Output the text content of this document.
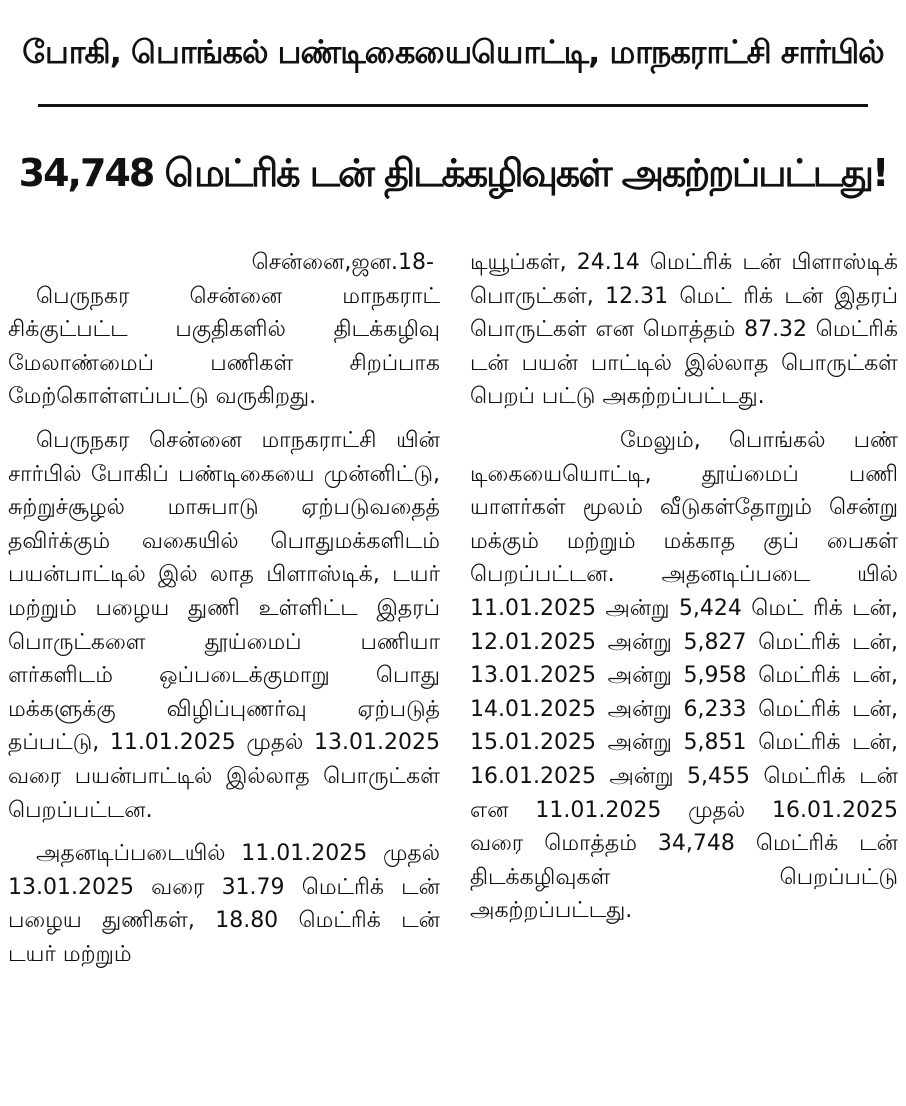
போகி, பொங்கல் பண்டிகையையொட்டி, மாநகராட்சி சார்பில்
34,748 மெட்ரிக் டன் திடக்கழிவுகள் அகற்றப்பட்டது!

சென்னை,ஜன.18-

பெருநகர சென்னை மாநகராட் சிக்குட்பட்ட பகுதிகளில் திடக்கழிவு மேலாண்மைப் பணிகள் சிறப்பாக மேற்கொள்ளப்பட்டு வருகிறது.

பெருநகர சென்னை மாநகராட்சி யின் சார்பில் போகிப் பண்டிகையை முன்னிட்டு, சுற்றுச்சூழல் மாசுபாடு ஏற்படுவதைத் தவிர்க்கும் வகையில் பொதுமக்களிடம் பயன்பாட்டில் இல் லாத பிளாஸ்டிக், டயர் மற்றும் பழைய துணி உள்ளிட்ட இதரப் பொருட்களை தூய்மைப் பணியா ளர்களிடம் ஒப்படைக்குமாறு பொது மக்களுக்கு விழிப்புணர்வு ஏற்படுத் தப்பட்டு, 11.01.2025 முதல் 13.01.2025 வரை பயன்பாட்டில் இல்லாத பொருட்கள் பெறப்பட்டன.

அதனடிப்படையில் 11.01.2025 முதல் 13.01.2025 வரை 31.79 மெட்ரிக் டன் பழைய துணிகள், 18.80 மெட்ரிக் டன் டயர் மற்றும்

டியூப்கள், 24.14 மெட்ரிக் டன் பிளாஸ்டிக் பொருட்கள், 12.31 மெட் ரிக் டன் இதரப் பொருட்கள் என மொத்தம் 87.32 மெட்ரிக் டன் பயன் பாட்டில் இல்லாத பொருட்கள் பெறப் பட்டு அகற்றப்பட்டது.

மேலும், பொங்கல் பண் டிகையையொட்டி, தூய்மைப் பணி யாளர்கள் மூலம் வீடுகள்தோறும் சென்று மக்கும் மற்றும் மக்காத குப் பைகள் பெறப்பட்டன. அதனடிப்படை யில் 11.01.2025 அன்று 5,424 மெட் ரிக் டன், 12.01.2025 அன்று 5,827 மெட்ரிக் டன், 13.01.2025 அன்று 5,958 மெட்ரிக் டன், 14.01.2025 அன்று 6,233 மெட்ரிக் டன், 15.01.2025 அன்று 5,851 மெட்ரிக் டன், 16.01.2025 அன்று 5,455 மெட்ரிக் டன் என 11.01.2025 முதல் 16.01.2025 வரை மொத்தம் 34,748 மெட்ரிக் டன் திடக்கழிவுகள் பெறப்பட்டு அகற்றப்பட்டது.
